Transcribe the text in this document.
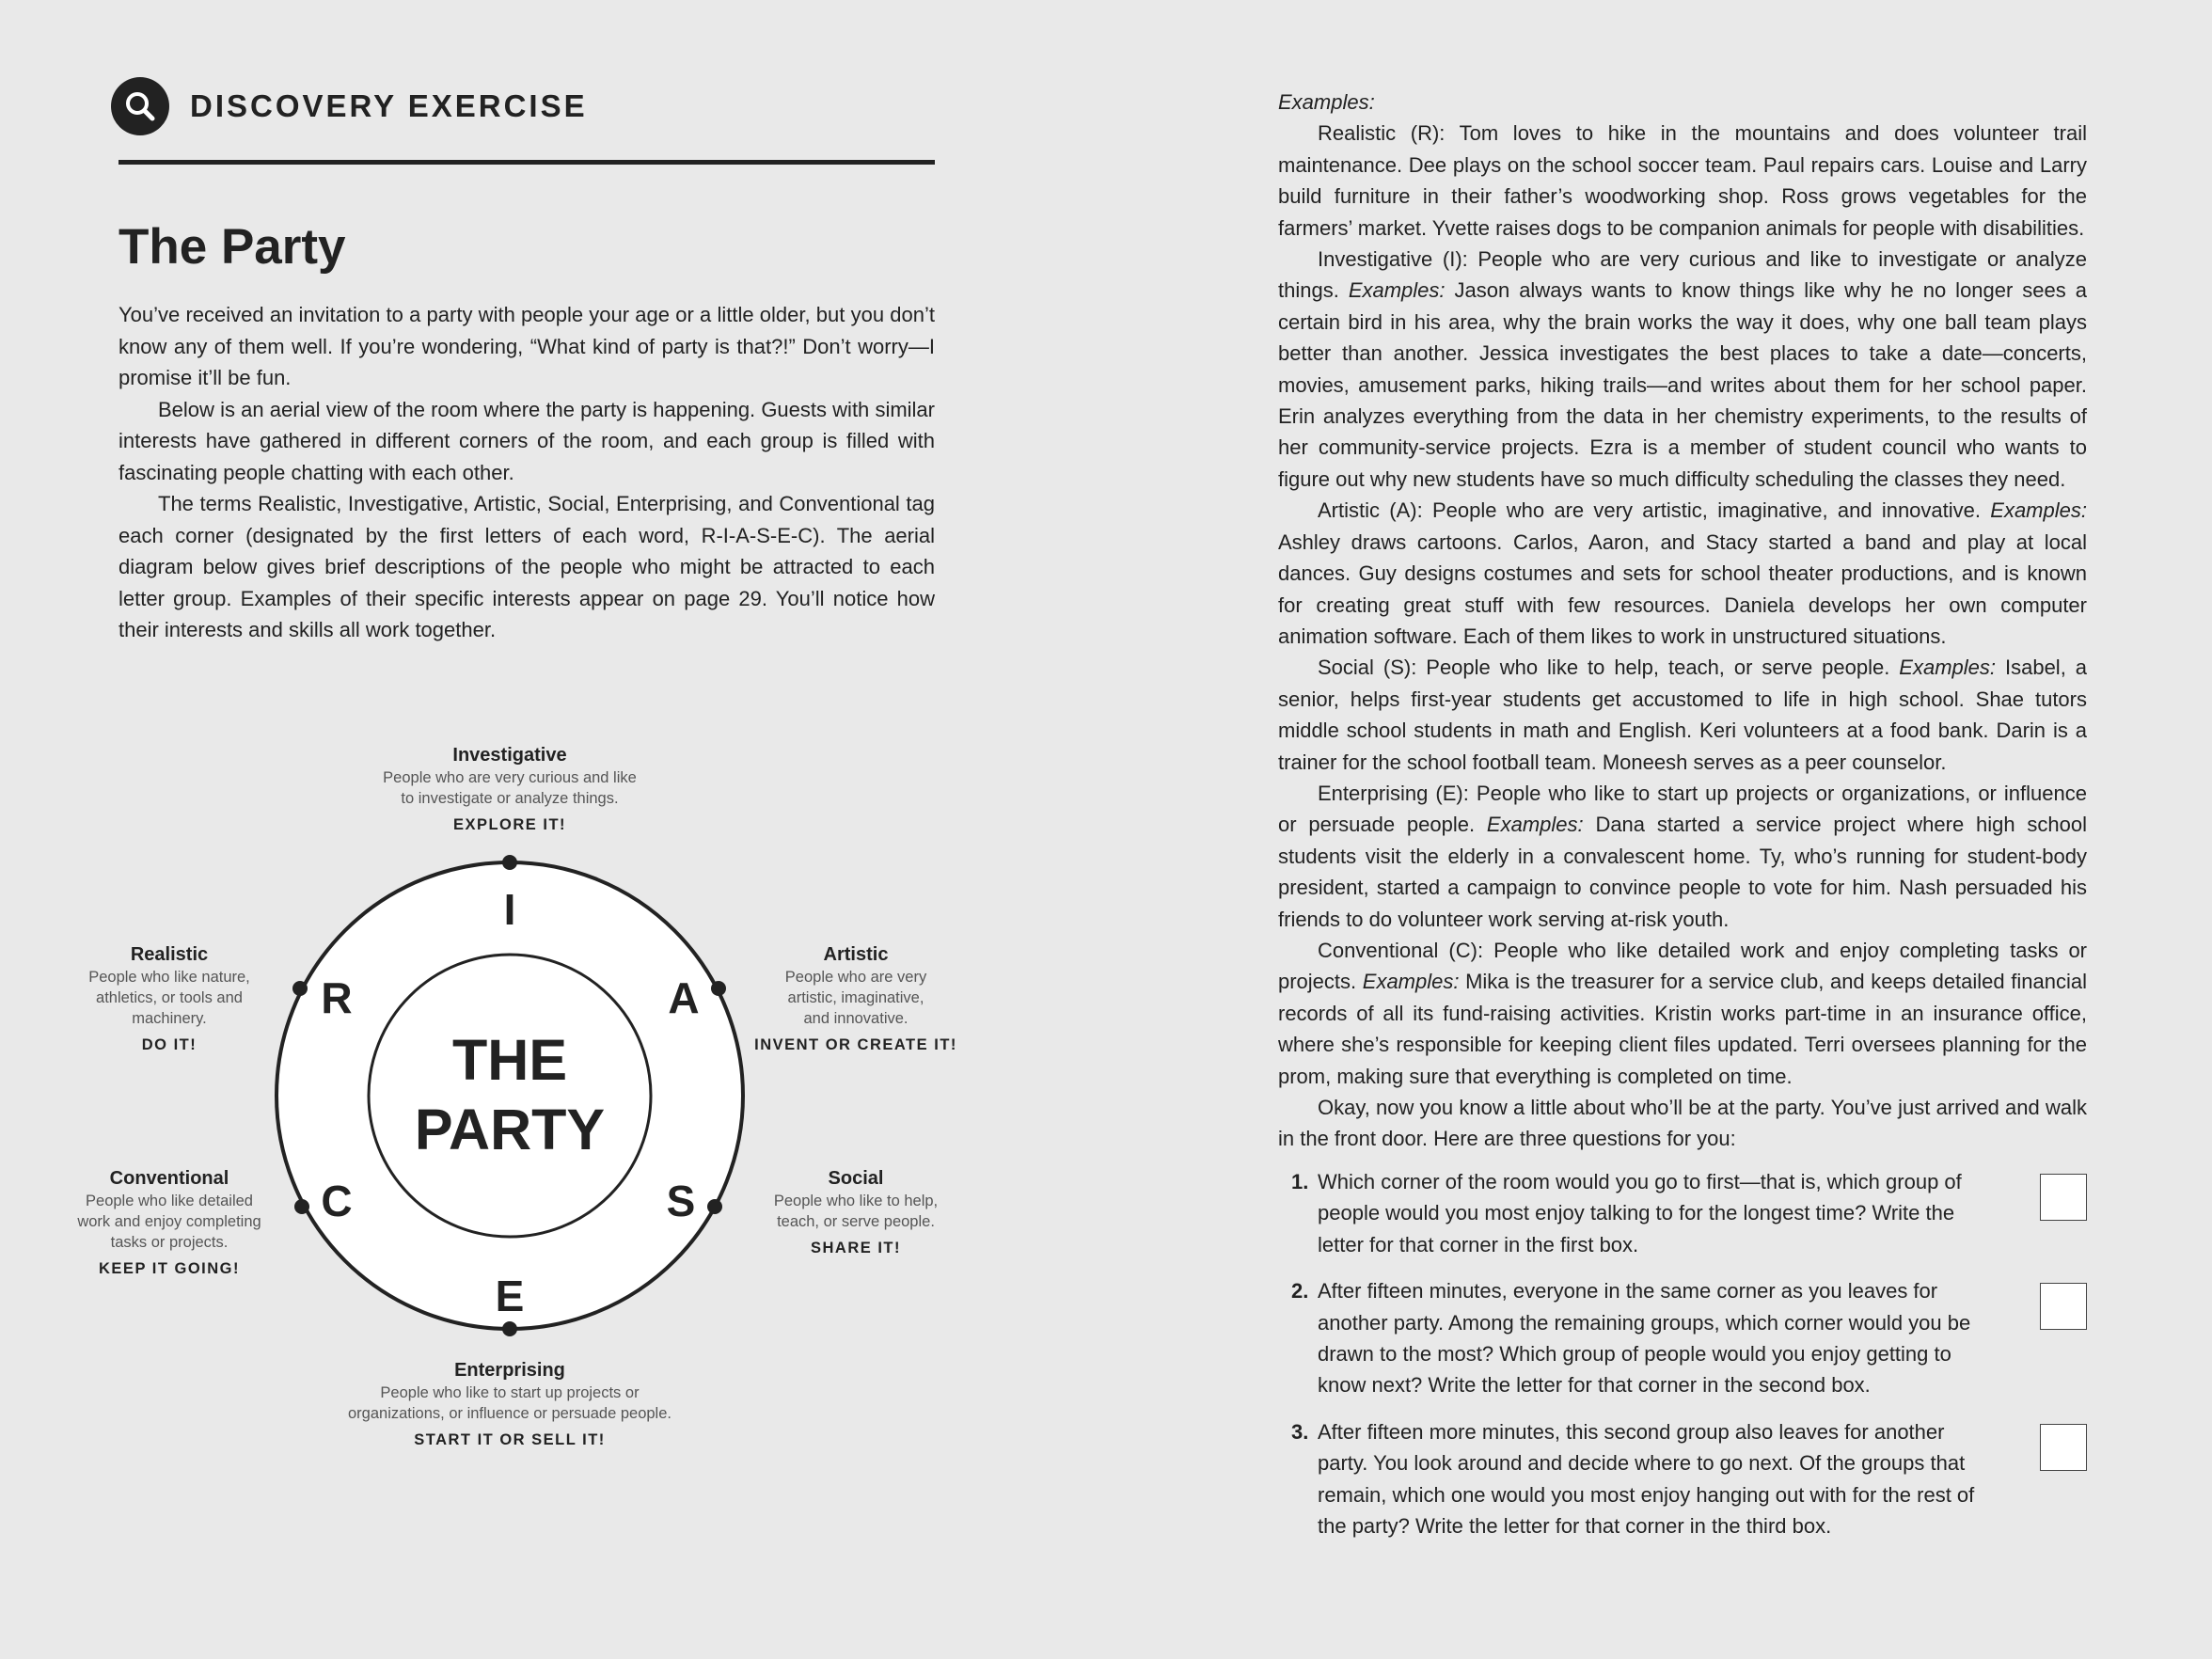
DISCOVERY EXERCISE
The Party

You’ve received an invitation to a party with people your age or a little older, but you don’t know any of them well. If you’re wondering, “What kind of party is that?!” Don’t worry—I promise it’ll be fun.

Below is an aerial view of the room where the party is happening. Guests with similar interests have gathered in different corners of the room, and each group is filled with fascinating people chatting with each other.

The terms Realistic, Investigative, Artistic, Social, Enterprising, and Conventional tag each corner (designated by the first letters of each word, R-I-A-S-E-C). The aerial diagram below gives brief descriptions of the people who might be attracted to each letter group. Examples of their specific interests appear on page 29. You’ll notice how their interests and skills all work together.

I
A
S
E
C
R
THE
PARTY
Investigative
People who are very curious and like
to investigate or analyze things.
EXPLORE IT!
Artistic
People who are very
artistic, imaginative,
and innovative.
INVENT OR CREATE IT!
Social
People who like to help,
teach, or serve people.
SHARE IT!
Enterprising
People who like to start up projects or
organizations, or influence or persuade people.
START IT OR SELL IT!
Conventional
People who like detailed
work and enjoy completing
tasks or projects.
KEEP IT GOING!
Realistic
People who like nature,
athletics, or tools and
machinery.
DO IT!

Examples:

Realistic (R): Tom loves to hike in the mountains and does volunteer trail maintenance. Dee plays on the school soccer team. Paul repairs cars. Louise and Larry build furniture in their father’s woodworking shop. Ross grows vegetables for the farmers’ market. Yvette raises dogs to be companion animals for people with disabilities.

Investigative (I): People who are very curious and like to investigate or analyze things. Examples: Jason always wants to know things like why he no longer sees a certain bird in his area, why the brain works the way it does, why one ball team plays better than another. Jessica investigates the best places to take a date—concerts, movies, amusement parks, hiking trails—and writes about them for her school paper. Erin analyzes everything from the data in her chemistry experiments, to the results of her community-service projects. Ezra is a member of student council who wants to figure out why new students have so much difficulty scheduling the classes they need.

Artistic (A): People who are very artistic, imaginative, and innovative. Examples: Ashley draws cartoons. Carlos, Aaron, and Stacy started a band and play at local dances. Guy designs costumes and sets for school theater productions, and is known for creating great stuff with few resources. Daniela develops her own computer animation software. Each of them likes to work in unstructured situations.

Social (S): People who like to help, teach, or serve people. Examples: Isabel, a senior, helps first-year students get accustomed to life in high school. Shae tutors middle school students in math and English. Keri volunteers at a food bank. Darin is a trainer for the school football team. Moneesh serves as a peer counselor.

Enterprising (E): People who like to start up projects or organizations, or influence or persuade people. Examples: Dana started a service project where high school students visit the elderly in a convalescent home. Ty, who’s running for student-body president, started a campaign to convince people to vote for him. Nash persuaded his friends to do volunteer work serving at-risk youth.

Conventional (C): People who like detailed work and enjoy completing tasks or projects. Examples: Mika is the treasurer for a service club, and keeps detailed financial records of all its fund-raising activities. Kristin works part-time in an insurance office, where she’s responsible for keeping client files updated. Terri oversees planning for the prom, making sure that everything is completed on time.

Okay, now you know a little about who’ll be at the party. You’ve just arrived and walk in the front door. Here are three questions for you:

1. Which corner of the room would you go to first—that is, which group of people would you most enjoy talking to for the longest time? Write the letter for that corner in the first box.
2. After fifteen minutes, everyone in the same corner as you leaves for another party. Among the remaining groups, which corner would you be drawn to the most? Which group of people would you enjoy getting to know next? Write the letter for that corner in the second box.
3. After fifteen more minutes, this second group also leaves for another party. You look around and decide where to go next. Of the groups that remain, which one would you most enjoy hanging out with for the rest of the party? Write the letter for that corner in the third box.
